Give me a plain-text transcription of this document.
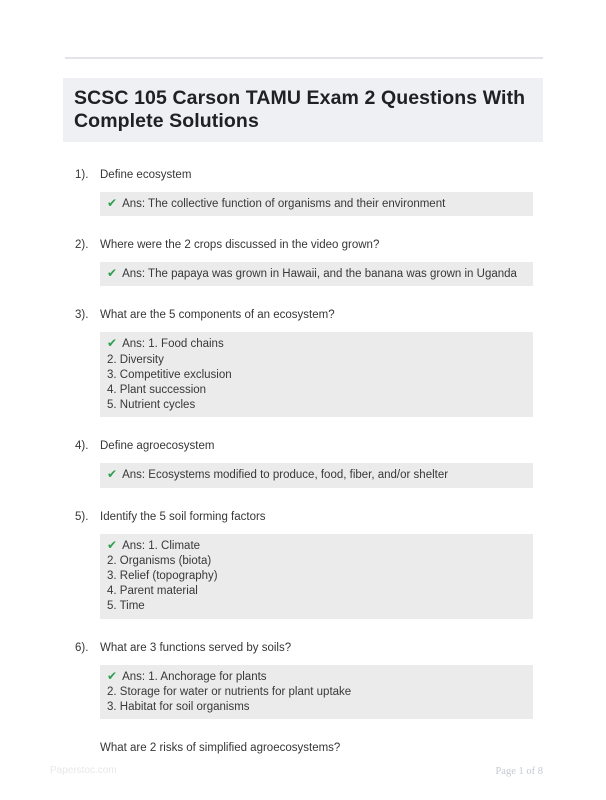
SCSC 105 Carson TAMU Exam 2 Questions With Complete Solutions
1). Define ecosystem
✔ Ans: The collective function of organisms and their environment
2). Where were the 2 crops discussed in the video grown?
✔ Ans: The papaya was grown in Hawaii, and the banana was grown in Uganda
3). What are the 5 components of an ecosystem?
✔ Ans: 1. Food chains
2. Diversity
3. Competitive exclusion
4. Plant succession
5. Nutrient cycles
4). Define agroecosystem
✔ Ans: Ecosystems modified to produce, food, fiber, and/or shelter
5). Identify the 5 soil forming factors
✔ Ans: 1. Climate
2. Organisms (biota)
3. Relief (topography)
4. Parent material
5. Time
6). What are 3 functions served by soils?
✔ Ans: 1. Anchorage for plants
2. Storage for water or nutrients for plant uptake
3. Habitat for soil organisms
What are 2 risks of simplified agroecosystems?
Paperstoc.com	Page 1 of 8
